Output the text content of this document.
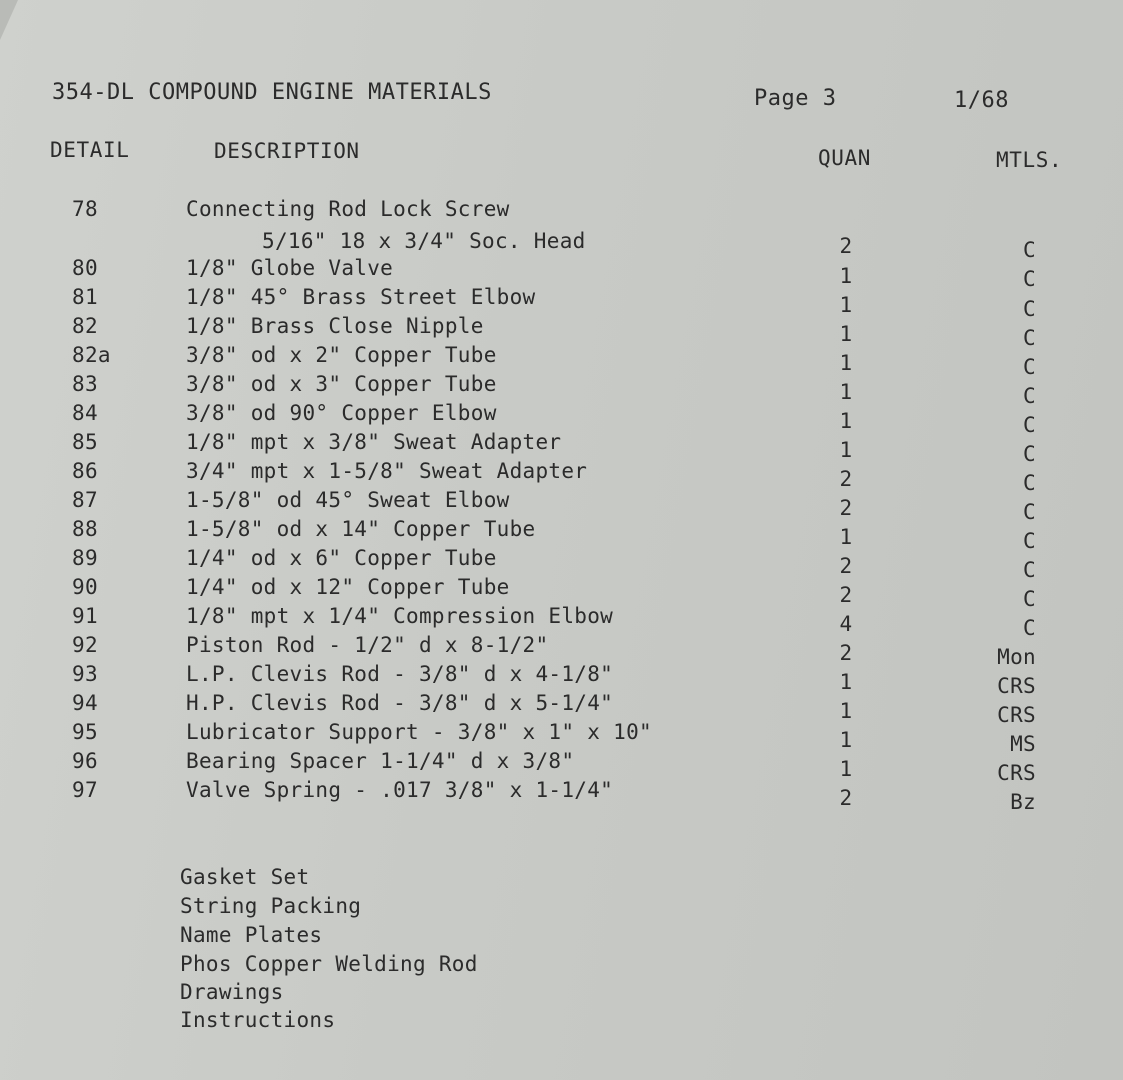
354-DL COMPOUND ENGINE MATERIALS	Page 3	1/68
DETAIL	DESCRIPTION	QUAN	MTLS.
78	Connecting Rod Lock Screw
5/16" 18 x 3/4" Soc. Head	2	C
80	1/8" Globe Valve	1	C
81	1/8" 45° Brass Street Elbow	1	C
82	1/8" Brass Close Nipple	1	C
82a	3/8" od x 2" Copper Tube	1	C
83	3/8" od x 3" Copper Tube	1	C
84	3/8" od 90° Copper Elbow	1	C
85	1/8" mpt x 3/8" Sweat Adapter	1	C
86	3/4" mpt x 1-5/8" Sweat Adapter	2	C
87	1-5/8" od 45° Sweat Elbow	2	C
88	1-5/8" od x 14" Copper Tube	1	C
89	1/4" od x 6" Copper Tube	2	C
90	1/4" od x 12" Copper Tube	2	C
91	1/8" mpt x 1/4" Compression Elbow	4	C
92	Piston Rod - 1/2" d x 8-1/2"	2	Mon
93	L.P. Clevis Rod - 3/8" d x 4-1/8"	1	CRS
94	H.P. Clevis Rod - 3/8" d x 5-1/4"	1	CRS
95	Lubricator Support - 3/8" x 1" x 10"	1	MS
96	Bearing Spacer 1-1/4" d x 3/8"	1	CRS
97	Valve Spring - .017 3/8" x 1-1/4"	2	Bz
Gasket Set
String Packing
Name Plates
Phos Copper Welding Rod
Drawings
Instructions
